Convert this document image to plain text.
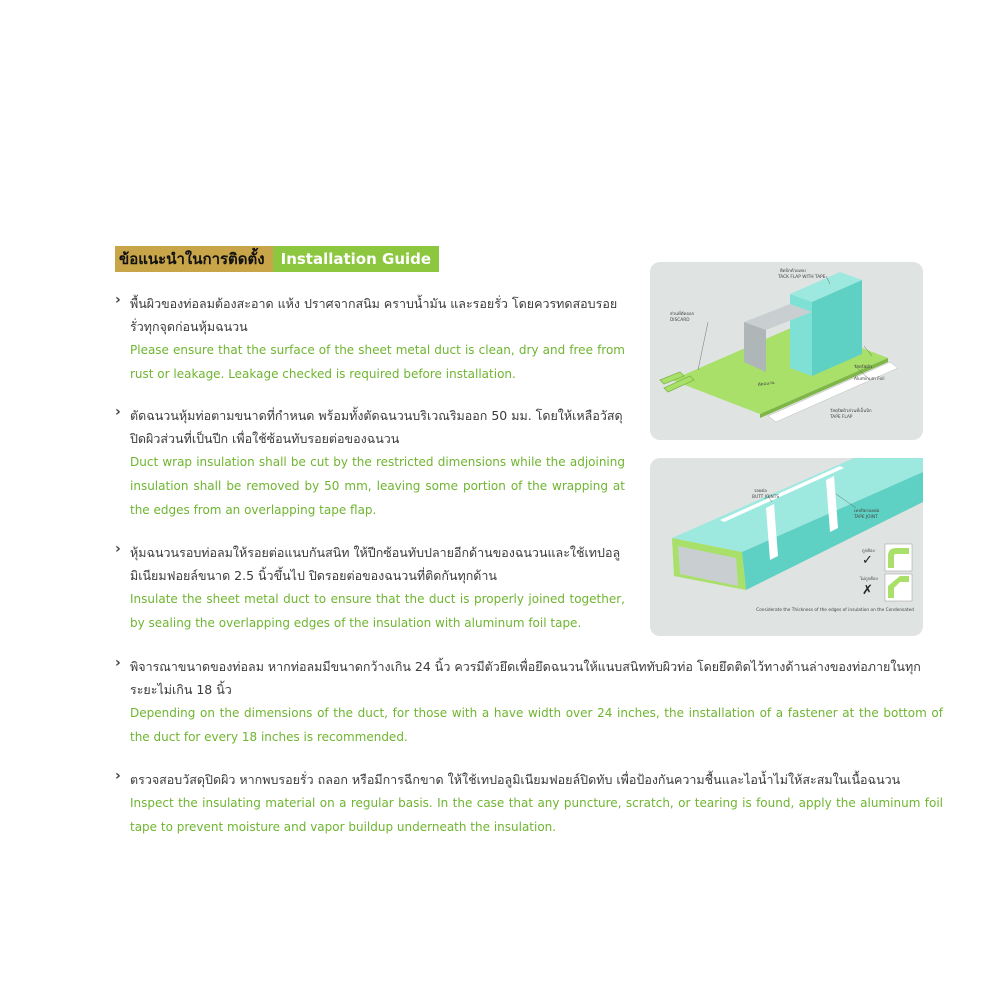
ข้อแนะนำในการติดตั้ง	Installation Guide
› พื้นผิวของท่อลมต้องสะอาด แห้ง ปราศจากสนิม คราบน้ำมัน และรอยรั่ว โดยควรทดสอบรอยรั่วทุกจุดก่อนหุ้มฉนวน

Please ensure that the surface of the sheet metal duct is clean, dry and free from rust or leakage. Leakage checked is required before installation.

› ตัดฉนวนหุ้มท่อตามขนาดที่กำหนด พร้อมทั้งตัดฉนวนบริเวณริมออก 50 มม. โดยให้เหลือวัสดุปิดผิวส่วนที่เป็นปีก เพื่อใช้ซ้อนทับรอยต่อของฉนวน

Duct wrap insulation shall be cut by the restricted dimensions while the adjoining insulation shall be removed by 50 mm, leaving some portion of the wrapping at the edges from an overlapping tape flap.

› หุ้มฉนวนรอบท่อลมให้รอยต่อแนบกันสนิท ให้ปีกซ้อนทับปลายอีกด้านของฉนวนและใช้เทปอลูมิเนียมฟอยล์ขนาด 2.5 นิ้วขึ้นไป ปิดรอยต่อของฉนวนที่ติดกันทุกด้าน

Insulate the sheet metal duct to ensure that the duct is properly joined together, by sealing the overlapping edges of the insulation with aluminum foil tape.

› พิจารณาขนาดของท่อลม หากท่อลมมีขนาดกว้างเกิน 24 นิ้ว ควรมีตัวยึดเพื่อยึดฉนวนให้แนบสนิททับผิวท่อ โดยยึดติดไว้ทางด้านล่างของท่อภายในทุกระยะไม่เกิน 18 นิ้ว

Depending on the dimensions of the duct, for those with a have width over 24 inches, the installation of a fastener at the bottom of the duct for every 18 inches is recommended.

› ตรวจสอบวัสดุปิดผิว หากพบรอยรั่ว ถลอก หรือมีการฉีกขาด ให้ใช้เทปอลูมิเนียมฟอยล์ปิดทับ เพื่อป้องกันความชื้นและไอน้ำไม่ให้สะสมในเนื้อฉนวน

Inspect the insulating material on a regular basis. In the case that any puncture, scratch, or tearing is found, apply the aluminum foil tape to prevent moisture and vapor buildup underneath the insulation.

ติดปีกด้วยเทป
TACK FLAP WITH TAPE
ส่วนที่ตัดออก
DISCARD
วัสดุปิดผิว
Aluminum Foil
วัสดุปิดผิวส่วนที่เป็นปีก
TAPE FLAP
ตัดฉนวน
รอยต่อ
BUTT JOINTS
เทปปิดรอยต่อ
TAPE JOINT
ถูกต้อง
✓
ไม่ถูกต้อง
✗
Considerate the Thickness of the edges of insulation on the Condensated
